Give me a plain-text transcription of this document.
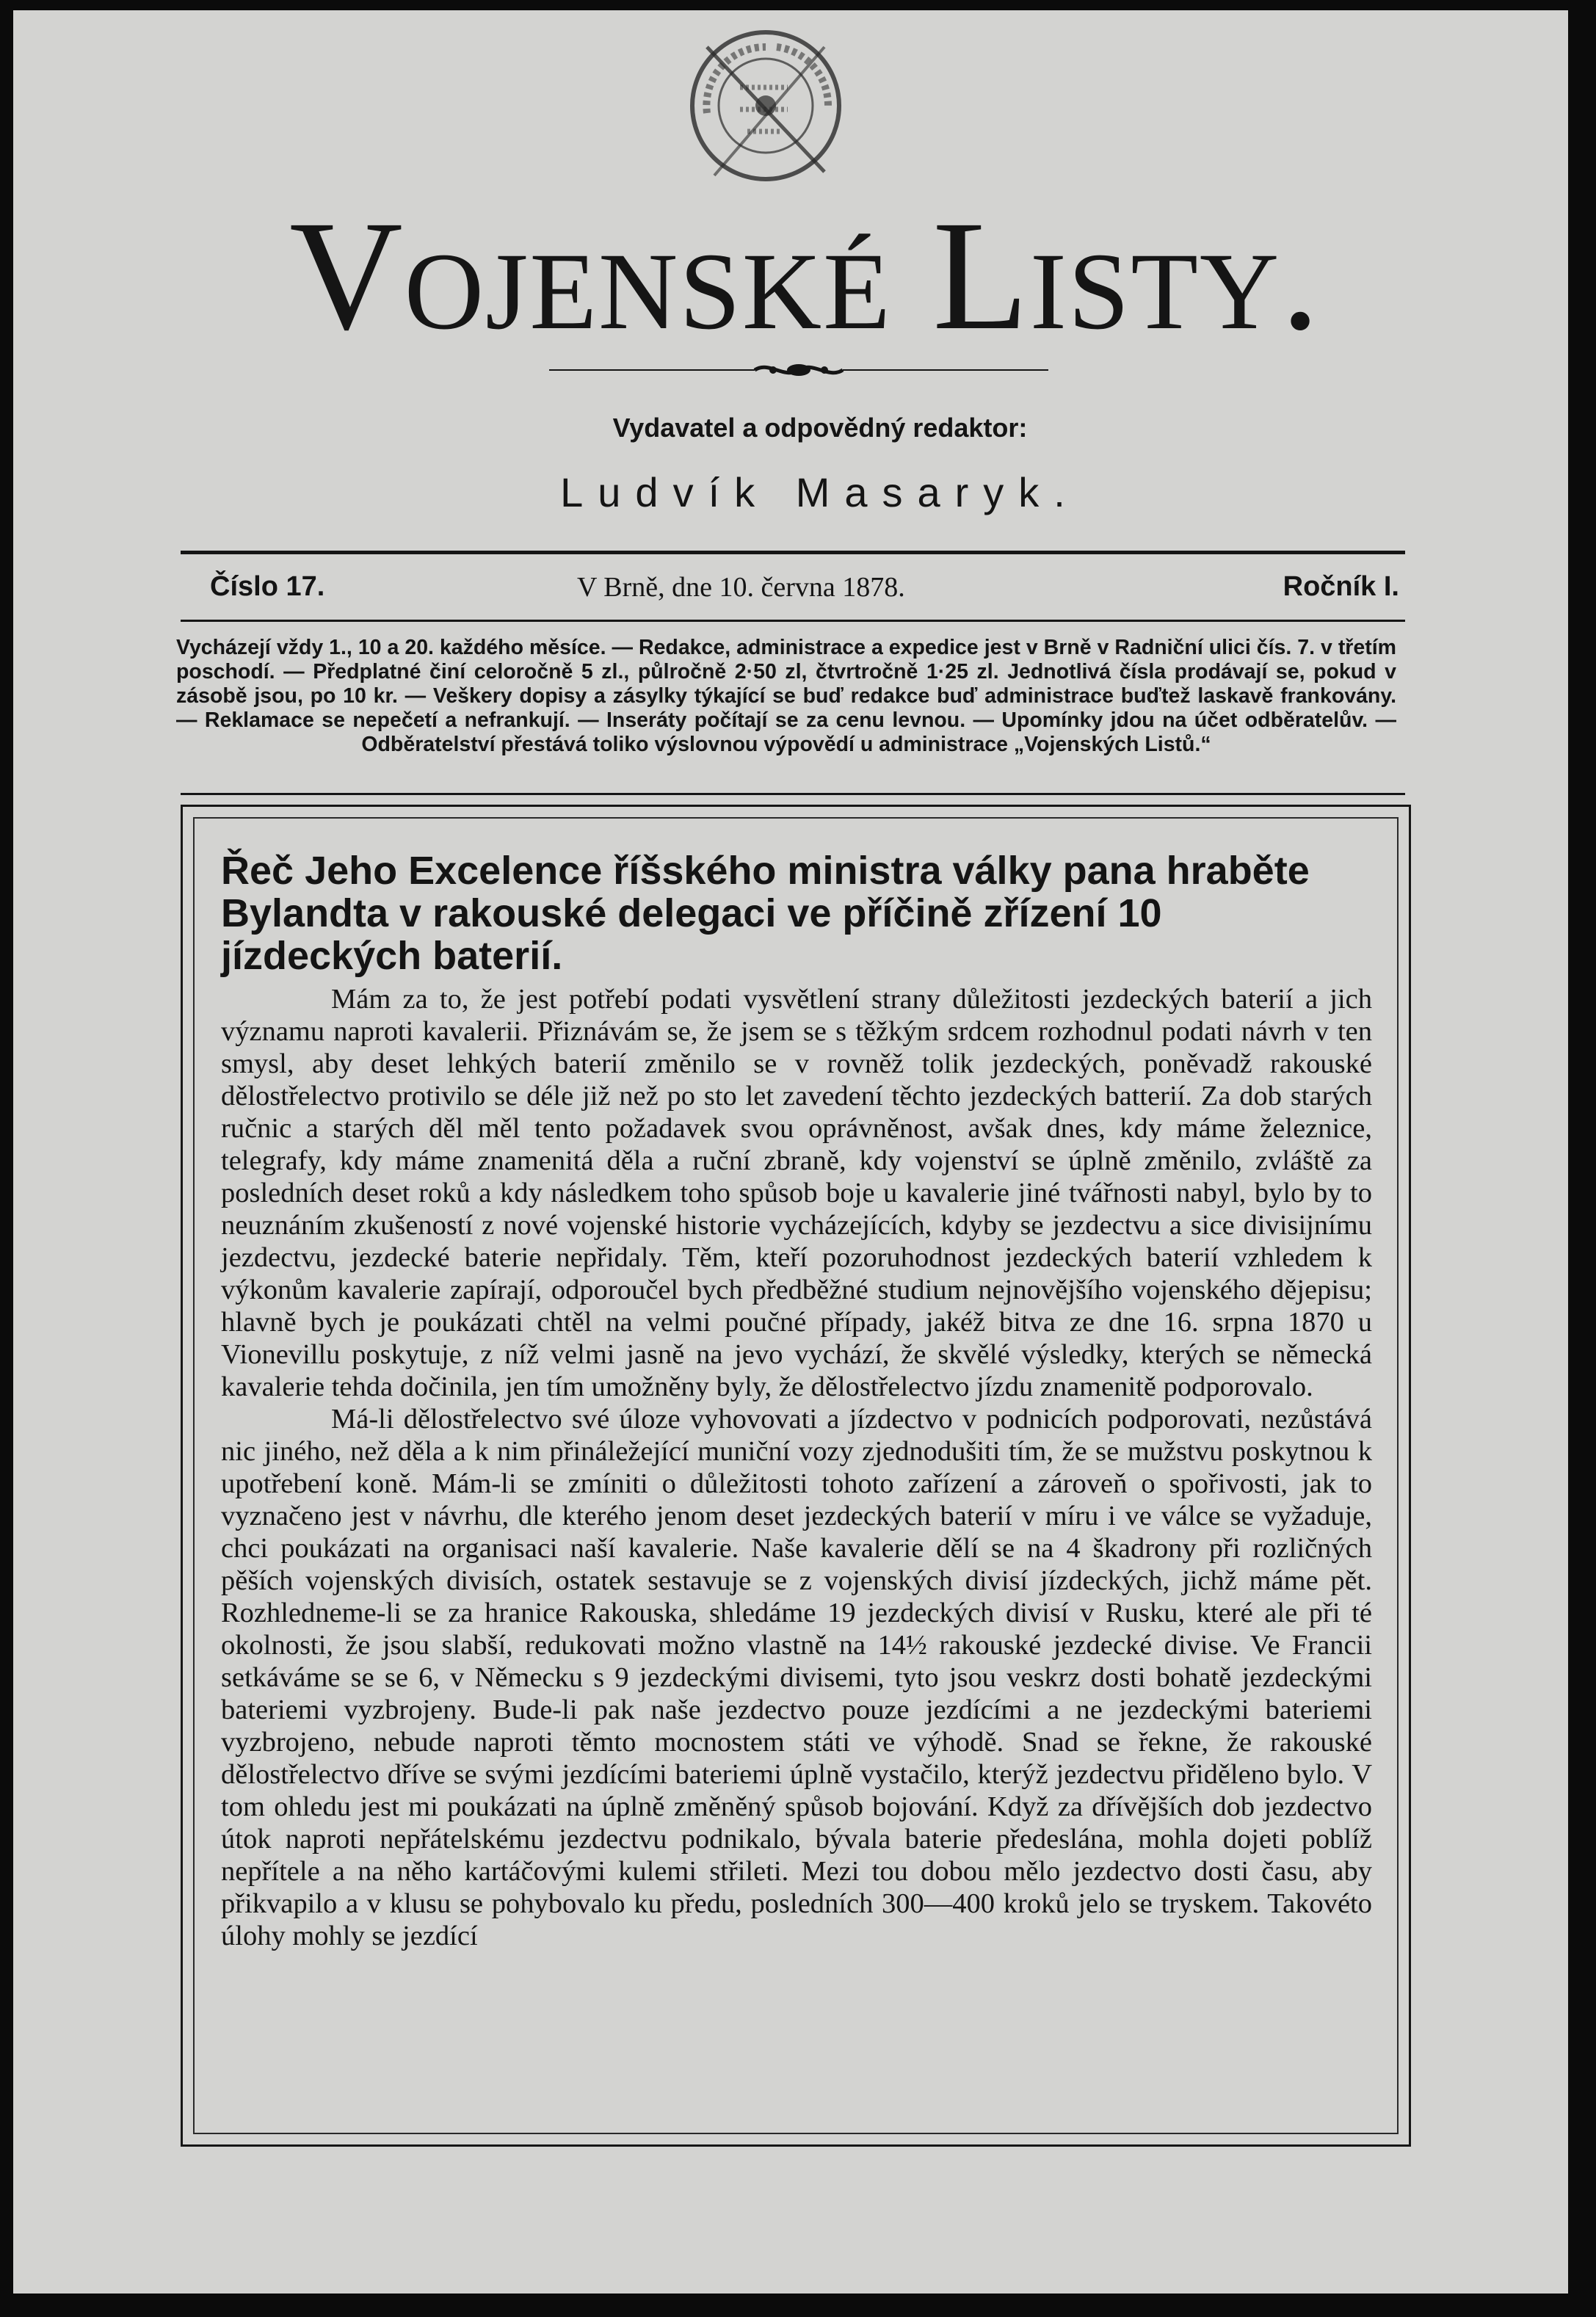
Vojenské Listy.
Vydavatel a odpovědný redaktor:
Ludvík Masaryk.
Číslo 17.	V Brně, dne 10. června 1878.	Ročník I.

Vycházejí vždy 1., 10 a 20. každého měsíce. — Redakce, administrace a expedice jest v Brně v Radniční ulici čís. 7. v třetím poschodí. — Předplatné činí celoročně 5 zl., půlročně 2·50 zl, čtvrtročně 1·25 zl. Jednotlivá čísla prodávají se, pokud v zásobě jsou, po 10 kr. — Veškery dopisy a zásylky týkající se buď redakce buď administrace buďtež laskavě frankovány. — Reklamace se nepečetí a nefrankují. — Inseráty počítají se za cenu levnou. — Upomínky jdou na účet odběratelův. — Odběratelství přestává toliko výslovnou výpovědí u administrace „Vojenských Listů.“

Řeč Jeho Excelence říšského ministra války pana hraběte Bylandta v rakouské delegaci ve příčině zřízení 10 jízdeckých baterií.

Mám za to, že jest potřebí podati vysvětlení strany důležitosti jezdeckých baterií a jich významu naproti kavalerii. Přiznávám se, že jsem se s těžkým srdcem rozhodnul podati návrh v ten smysl, aby deset lehkých baterií změnilo se v rovněž tolik jezdeckých, poněvadž rakouské dělostřelectvo protivilo se déle již než po sto let zavedení těchto jezdeckých batterií. Za dob starých ručnic a starých děl měl tento požadavek svou oprávněnost, avšak dnes, kdy máme železnice, telegrafy, kdy máme znamenitá děla a ruční zbraně, kdy vojenství se úplně změnilo, zvláště za posledních deset roků a kdy následkem toho spůsob boje u kavalerie jiné tvářnosti nabyl, bylo by to neuznáním zkušeností z nové vojenské historie vycházejících, kdyby se jezdectvu a sice divisijnímu jezdectvu, jezdecké baterie nepřidaly. Těm, kteří pozoruhodnost jezdeckých baterií vzhledem k výkonům kavalerie zapírají, odporoučel bych předběžné studium nejnovějšího vojenského dějepisu; hlavně bych je poukázati chtěl na velmi poučné případy, jakéž bitva ze dne 16. srpna 1870 u Vionevillu poskytuje, z níž velmi jasně na jevo vychází, že skvělé výsledky, kterých se německá kavalerie tehda dočinila, jen tím umožněny byly, že dělostřelectvo jízdu znamenitě podporovalo.

Má-li dělostřelectvo své úloze vyhovovati a jízdectvo v podnicích podporovati, nezůstává nic jiného, než děla a k nim přináležející muniční vozy zjednodušiti tím, že se mužstvu poskytnou k upotřebení koně. Mám-li se zmíniti o důležitosti tohoto zařízení a zároveň o spořivosti, jak to vyznačeno jest v návrhu, dle kterého jenom deset jezdeckých baterií v míru i ve válce se vyžaduje, chci poukázati na organisaci naší kavalerie. Naše kavalerie dělí se na 4 škadrony při rozličných pěších vojenských divisích, ostatek sestavuje se z vojenských divisí jízdeckých, jichž máme pět. Rozhledneme-li se za hranice Rakouska, shledáme 19 jezdeckých divisí v Rusku, které ale při té okolnosti, že jsou slabší, redukovati možno vlastně na 14½ rakouské jezdecké divise. Ve Francii setkáváme se se 6, v Německu s 9 jezdeckými divisemi, tyto jsou veskrz dosti bohatě jezdeckými bateriemi vyzbrojeny. Bude-li pak naše jezdectvo pouze jezdícími a ne jezdeckými bateriemi vyzbrojeno, nebude naproti těmto mocnostem státi ve výhodě. Snad se řekne, že rakouské dělostřelectvo dříve se svými jezdícími bateriemi úplně vystačilo, kterýž jezdectvu přiděleno bylo. V tom ohledu jest mi poukázati na úplně změněný spůsob bojování. Když za dřívějších dob jezdectvo útok naproti nepřátelskému jezdectvu podnikalo, bývala baterie předeslána, mohla dojeti poblíž nepřítele a na něho kartáčovými kulemi střileti. Mezi tou dobou mělo jezdectvo dosti času, aby přikvapilo a v klusu se pohybovalo ku předu, posledních 300—400 kroků jelo se tryskem. Takovéto úlohy mohly se jezdící
